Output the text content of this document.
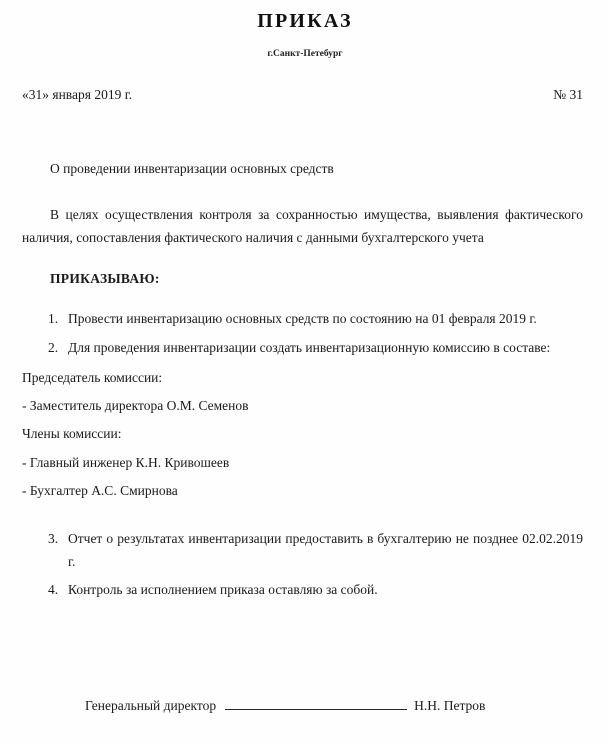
ПРИКАЗ

г.Санкт-Петебург

«31» января 2019 г.	№ 31

О проведении инвентаризации основных средств

В целях осуществления контроля за сохранностью имущества, выявления фактического наличия, сопоставления фактического наличия с данными бухгалтерского учета

ПРИКАЗЫВАЮ:

1. Провести инвентаризацию основных средств по состоянию на 01 февраля 2019 г.
2. Для проведения инвентаризации создать инвентаризационную комиссию в составе:
Председатель комиссии:
- Заместитель директора О.М. Семенов
Члены комиссии:
- Главный инженер К.Н. Кривошеев
- Бухгалтер А.С. Смирнова
3. Отчет о результатах инвентаризации предоставить в бухгалтерию не позднее 02.02.2019 г.
4. Контроль за исполнением приказа оставляю за собой.
Генеральный директор	Н.Н. Петров
